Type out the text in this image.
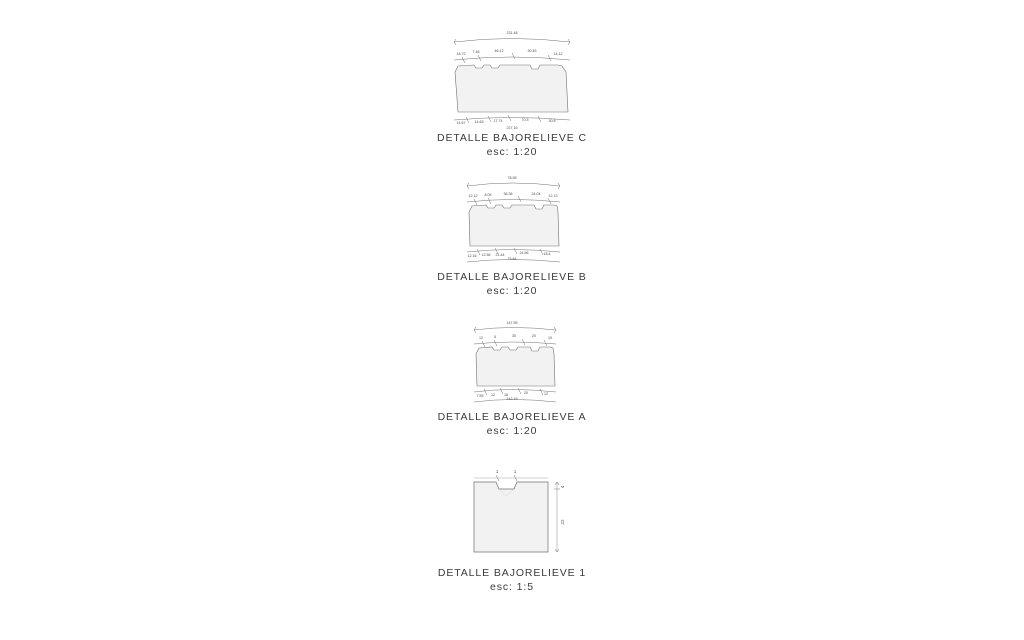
231.48
18.72 7.46	46.12	30.45
14.12
14.67	14.69	17.74	70.5	30.8
227.16
DETALLE BAJORELIEVE C
esc: 1:20
78.95
12.12 8.05	36.36	24.04 12.13
12.16 12.56 21.44	24.56	18.4
73.64
DETALLE BAJORELIEVE B
esc: 1:20
147.55
12	5	30	20	10
7.55 12	18	20	12
142.19
DETALLE BAJORELIEVE A
esc: 1:20
1	1
4
22
DETALLE BAJORELIEVE 1
esc: 1:5
